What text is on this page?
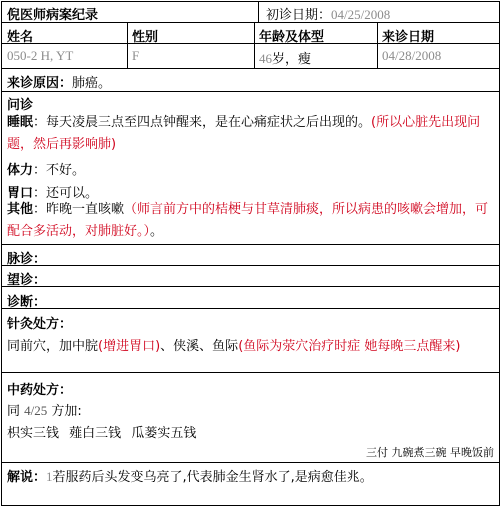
倪医师病案纪录	初诊日期：04/25/2008
姓名	性别	年龄及体型	来诊日期
050-2 H, YT	F	46岁，瘦	04/28/2008
来诊原因：肺癌。
问诊
睡眠：每天凌晨三点至四点钟醒来，是在心痛症状之后出现的。(所以心脏先出现问题，然后再影响肺)
体力：不好。
胃口：还可以。
其他：昨晚一直咳嗽（师言前方中的桔梗与甘草清肺痰，所以病患的咳嗽会增加，可配合多活动，对肺脏好。）。
脉诊：
望诊：
诊断：
针灸处方：
同前穴，加中脘(增进胃口)、侠溪、鱼际(鱼际为荥穴治疗时症 她每晚三点醒来)
中药处方：
同 4/25 方加:
枳实三钱 薤白三钱 瓜蒌实五钱
三付 九碗煮三碗 早晚饭前
解说：1若服药后头发变乌亮了,代表肺金生肾水了,是病愈佳兆。
